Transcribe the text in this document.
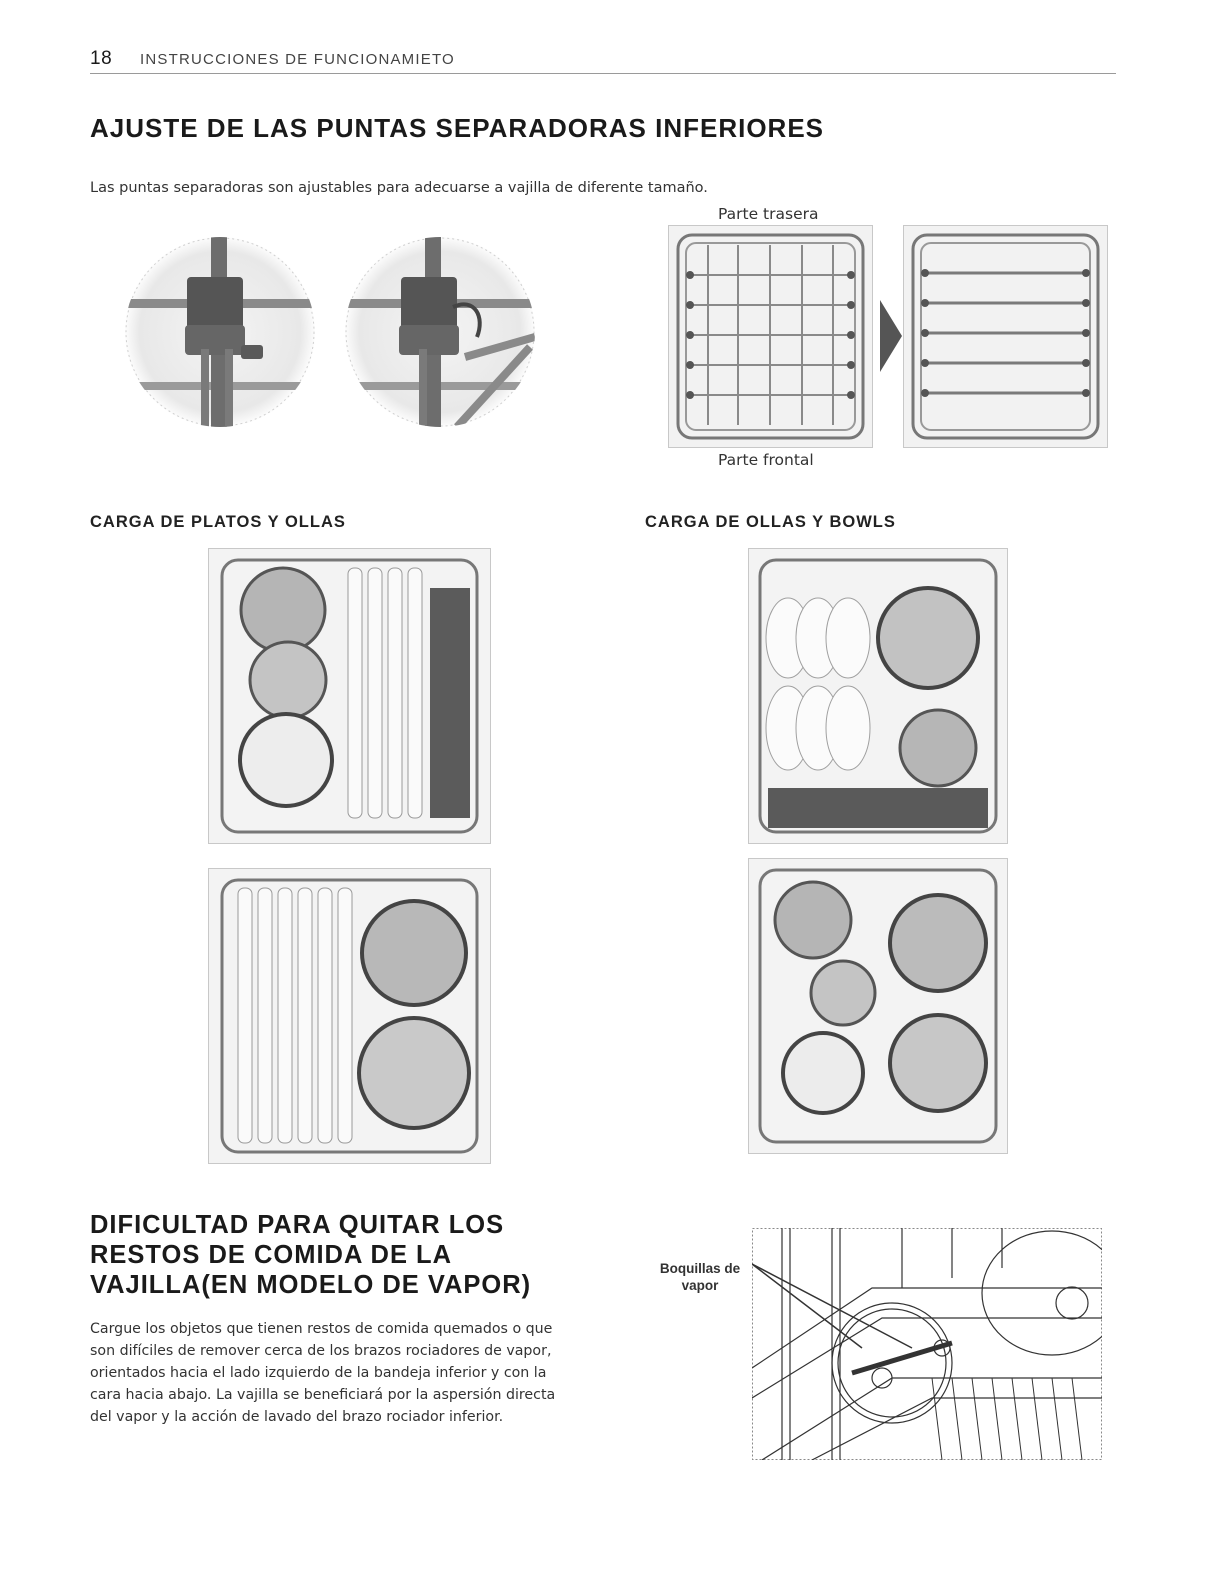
18 INSTRUCCIONES DE FUNCIONAMIETO
AJUSTE DE LAS PUNTAS SEPARADORAS INFERIORES
Las puntas separadoras son ajustables para adecuarse a vajilla de diferente tamaño.
Parte trasera
Parte frontal
CARGA DE PLATOS Y OLLAS	CARGA DE OLLAS Y BOWLS
DIFICULTAD PARA QUITAR LOS
RESTOS DE COMIDA DE LA
VAJILLA(EN MODELO DE VAPOR)
Cargue los objetos que tienen restos de comida quemados o que
son difíciles de remover cerca de los brazos rociadores de vapor,
orientados hacia el lado izquierdo de la bandeja inferior y con la
cara hacia abajo. La vajilla se beneficiará por la aspersión directa
del vapor y la acción de lavado del brazo rociador inferior.
Boquillas de
vapor
